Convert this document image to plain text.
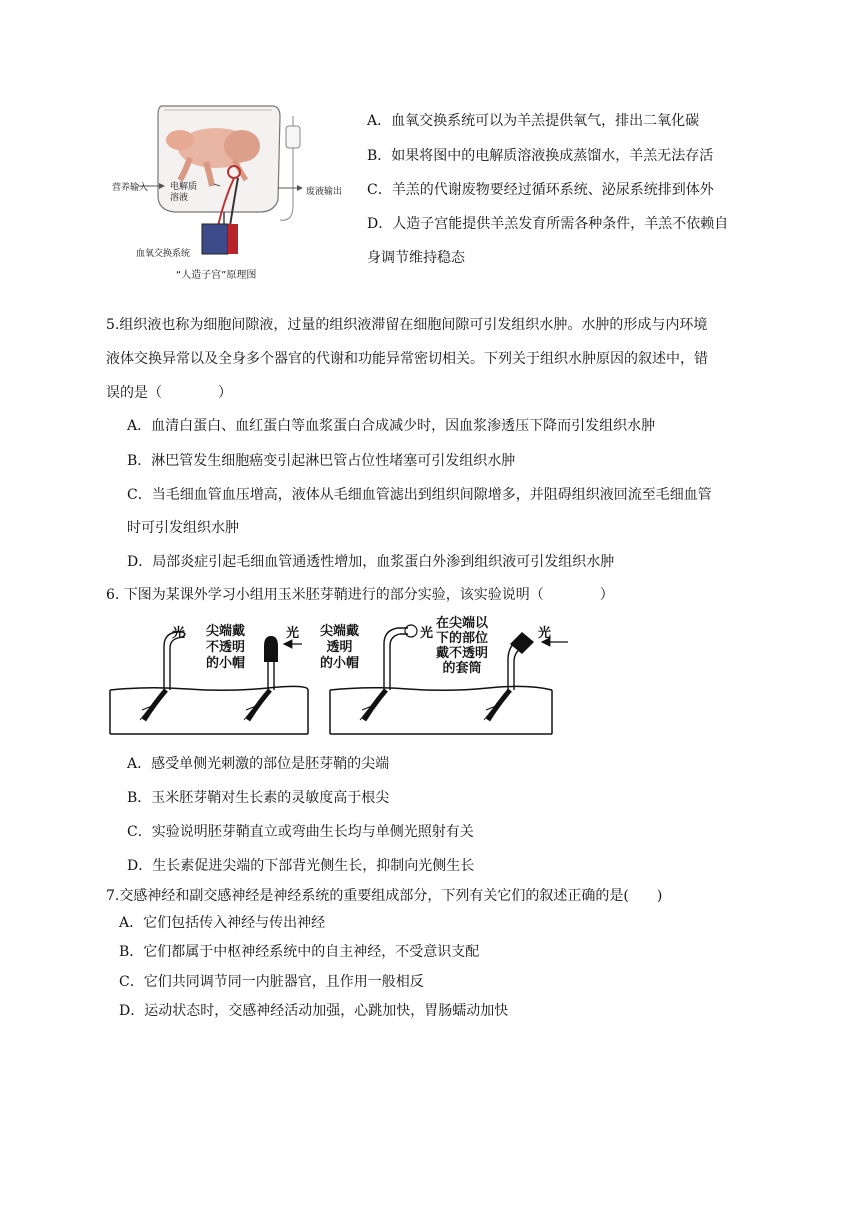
营养输入 电解质溶液
废液输出
血氧交换系统
“人造子宫”原理图
A．血氧交换系统可以为羊羔提供氧气，排出二氧化碳
B．如果将图中的电解质溶液换成蒸馏水，羊羔无法存活
C．羊羔的代谢废物要经过循环系统、泌尿系统排到体外
D．人造子宫能提供羊羔发育所需各种条件，羊羔不依赖自
身调节维持稳态
5.组织液也称为细胞间隙液，过量的组织液滞留在细胞间隙可引发组织水肿。水肿的形成与内环境
液体交换异常以及全身多个器官的代谢和功能异常密切相关。下列关于组织水肿原因的叙述中，错
误的是（　　　　）
A．血清白蛋白、血红蛋白等血浆蛋白合成减少时，因血浆渗透压下降而引发组织水肿
B．淋巴管发生细胞癌变引起淋巴管占位性堵塞可引发组织水肿
C．当毛细血管血压增高，液体从毛细血管滤出到组织间隙增多，并阻碍组织液回流至毛细血管
时可引发组织水肿
D．局部炎症引起毛细血管通透性增加，血浆蛋白外渗到组织液可引发组织水肿
6. 下图为某课外学习小组用玉米胚芽鞘进行的部分实验，该实验说明（　　　　）
光	光	光	光
尖端戴
不透明
的小帽
尖端戴
透明
的小帽
在尖端以
下的部位
戴不透明
的套筒
A．感受单侧光刺激的部位是胚芽鞘的尖端
B．玉米胚芽鞘对生长素的灵敏度高于根尖
C．实验说明胚芽鞘直立或弯曲生长均与单侧光照射有关
D．生长素促进尖端的下部背光侧生长，抑制向光侧生长
7.交感神经和副交感神经是神经系统的重要组成部分，下列有关它们的叙述正确的是(　　)
A．它们包括传入神经与传出神经
B．它们都属于中枢神经系统中的自主神经，不受意识支配
C．它们共同调节同一内脏器官，且作用一般相反
D．运动状态时，交感神经活动加强，心跳加快，胃肠蠕动加快
